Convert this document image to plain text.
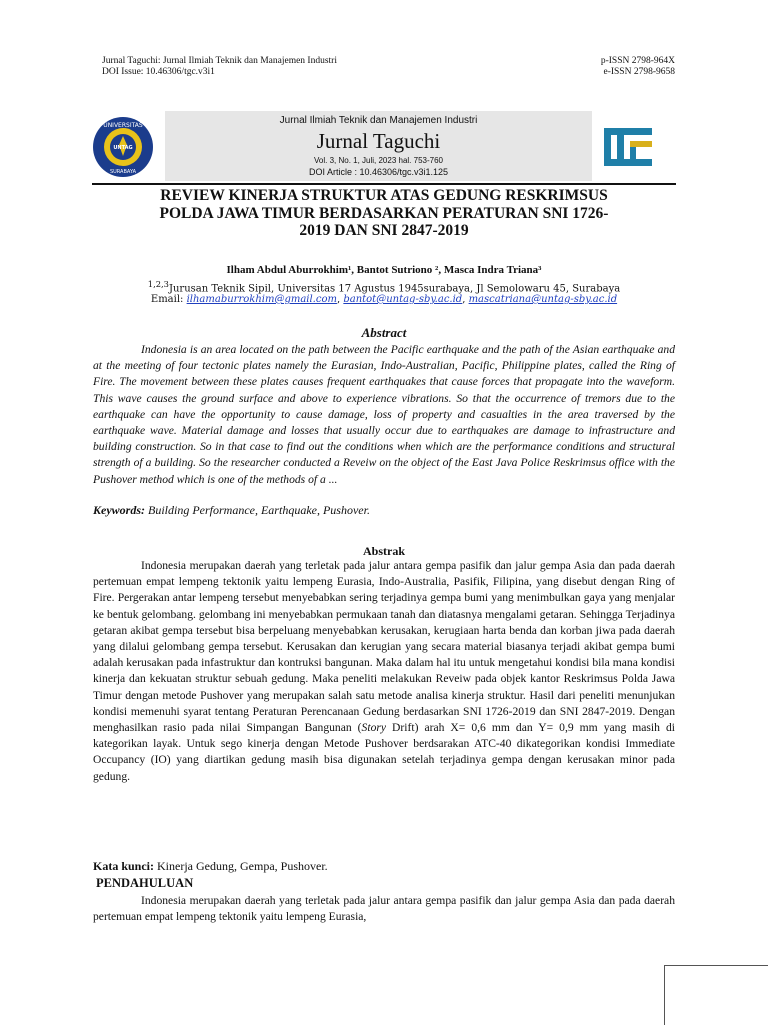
Jurnal Taguchi: Jurnal Ilmiah Teknik dan Manajemen Industri
DOI Issue: 10.46306/tgc.v3i1
p-ISSN 2798-964X
e-ISSN 2798-9658
UNIVERSITAS
UNTAG
SURABAYA
Jurnal Ilmiah Teknik dan Manajemen Industri
Jurnal Taguchi
Vol. 3, No. 1, Juli, 2023 hal. 753-760
DOI Article : 10.46306/tgc.v3i1.125
REVIEW KINERJA STRUKTUR ATAS GEDUNG RESKRIMSUS
POLDA JAWA TIMUR BERDASARKAN PERATURAN SNI 1726-
2019 DAN SNI 2847-2019
Ilham Abdul Aburrokhim¹, Bantot Sutriono ², Masca Indra Triana³
$^{1,2,3}$Jurusan Teknik Sipil, Universitas 17 Agustus 1945surabaya, Jl Semolowaru 45, Surabaya
Email: ilhamaburrokhim@gmail.com, bantot@untag-sby.ac.id, mascatriana@untag-sby.ac.id
Abstract
Indonesia is an area located on the path between the Pacific earthquake and the path of the Asian earthquake and at the meeting of four tectonic plates namely the Eurasian, Indo-Australian, Pacific, Philippine plates, called the Ring of Fire. The movement between these plates causes frequent earthquakes that cause forces that propagate into the waveform. This wave causes the ground surface and above to experience vibrations. So that the occurrence of tremors due to the earthquake can have the opportunity to cause damage, loss of property and casualties in the area traversed by the earthquake wave. Material damage and losses that usually occur due to earthquakes are damage to infrastructure and building construction. So in that case to find out the conditions when which are the performance conditions and structural strength of a building. So the researcher conducted a Reveiw on the object of the East Java Police Reskrimsus office with the Pushover method which is one of the methods of a ...
Keywords: Building Performance, Earthquake, Pushover.
Abstrak
Indonesia merupakan daerah yang terletak pada jalur antara gempa pasifik dan jalur gempa Asia dan pada daerah pertemuan empat lempeng tektonik yaitu lempeng Eurasia, Indo-Australia, Pasifik, Filipina, yang disebut dengan Ring of Fire. Pergerakan antar lempeng tersebut menyebabkan sering terjadinya gempa bumi yang menimbulkan gaya yang menjalar ke bentuk gelombang. gelombang ini menyebabkan permukaan tanah dan diatasnya mengalami getaran. Sehingga Terjadinya getaran akibat gempa tersebut bisa berpeluang menyebabkan kerusakan, kerugiaan harta benda dan korban jiwa pada daerah yang dilalui gelombang gempa tersebut. Kerusakan dan kerugian yang secara material biasanya terjadi akibat gempa bumi adalah kerusakan pada infastruktur dan kontruksi bangunan. Maka dalam hal itu untuk mengetahui kondisi bila mana kondisi kinerja dan kekuatan struktur sebuah gedung. Maka peneliti melakukan Reveiw pada objek kantor Reskrimsus Polda Jawa Timur dengan metode Pushover yang merupakan salah satu metode analisa kinerja struktur. Hasil dari peneliti menunjukan kondisi memenuhi syarat tentang Peraturan Perencanaan Gedung berdasarkan SNI 1726-2019 dan SNI 2847-2019. Dengan menghasilkan rasio pada nilai Simpangan Bangunan (Story Drift) arah X= 0,6 mm dan Y= 0,9 mm yang masih di kategorikan layak. Untuk sego kinerja dengan Metode Pushover berdsarakan ATC-40 dikategorikan kondisi Immediate Occupancy (IO) yang diartikan gedung masih bisa digunakan setelah terjadinya gempa dengan kerusakan minor pada gedung.
Kata kunci: Kinerja Gedung, Gempa, Pushover.
PENDAHULUAN
Indonesia merupakan daerah yang terletak pada jalur antara gempa pasifik dan jalur gempa Asia dan pada daerah pertemuan empat lempeng tektonik yaitu lempeng Eurasia,
